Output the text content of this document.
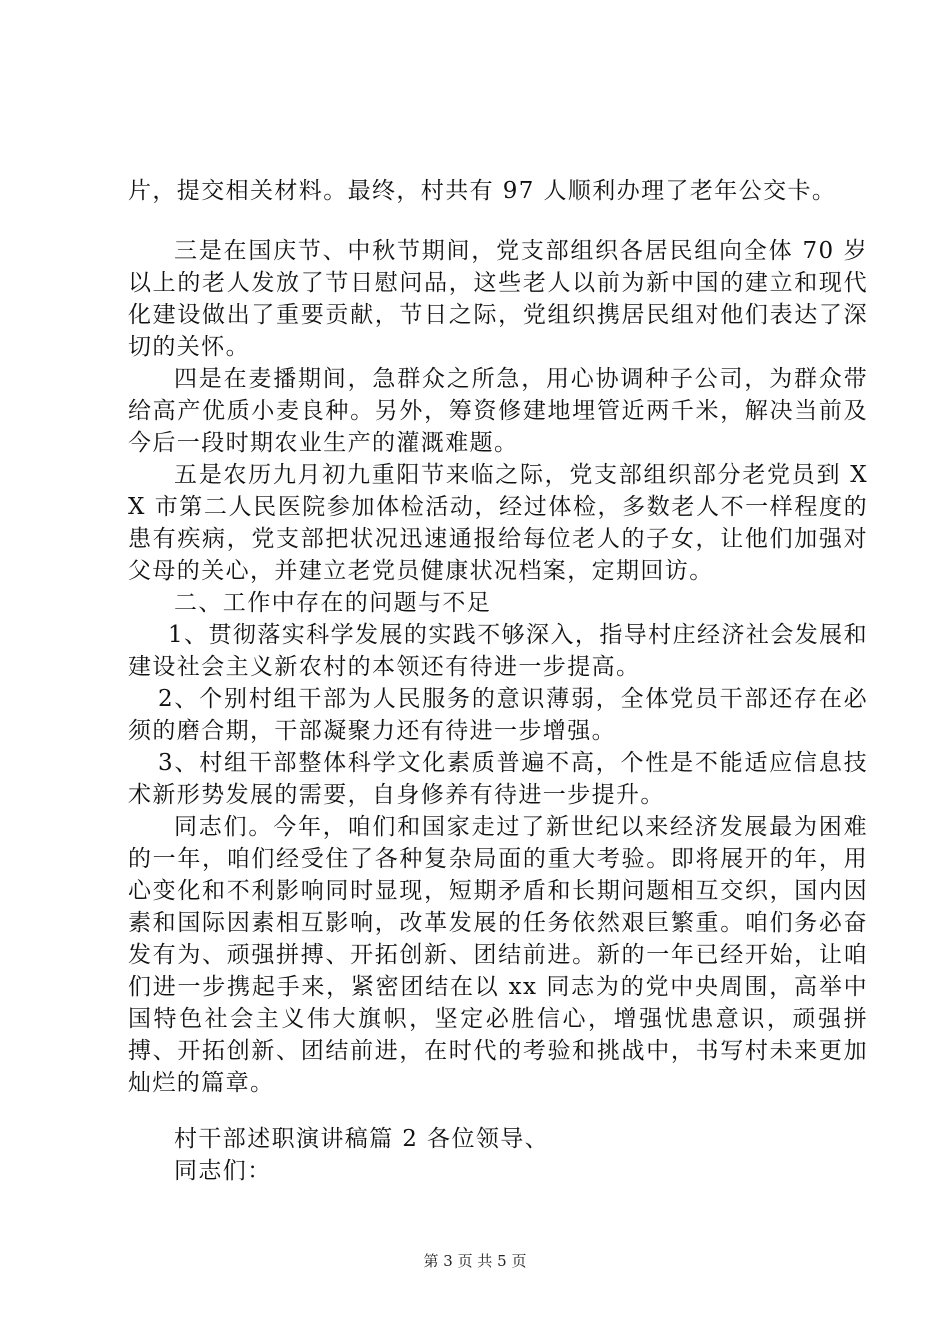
片，提交相关材料。最终，村共有 97 人顺利办理了老年公交卡。

三是在国庆节、中秋节期间，党支部组织各居民组向全体 70 岁以上的老人发放了节日慰问品，这些老人以前为新中国的建立和现代化建设做出了重要贡献，节日之际，党组织携居民组对他们表达了深切的关怀。

四是在麦播期间，急群众之所急，用心协调种子公司，为群众带给高产优质小麦良种。另外，筹资修建地埋管近两千米，解决当前及今后一段时期农业生产的灌溉难题。

五是农历九月初九重阳节来临之际，党支部组织部分老党员到 XX 市第二人民医院参加体检活动，经过体检，多数老人不一样程度的患有疾病，党支部把状况迅速通报给每位老人的子女，让他们加强对父母的关心，并建立老党员健康状况档案，定期回访。

二、工作中存在的问题与不足

1、贯彻落实科学发展的实践不够深入，指导村庄经济社会发展和建设社会主义新农村的本领还有待进一步提高。

2、个别村组干部为人民服务的意识薄弱，全体党员干部还存在必须的磨合期，干部凝聚力还有待进一步增强。

3、村组干部整体科学文化素质普遍不高，个性是不能适应信息技术新形势发展的需要，自身修养有待进一步提升。

同志们。今年，咱们和国家走过了新世纪以来经济发展最为困难的一年，咱们经受住了各种复杂局面的重大考验。即将展开的年，用心变化和不利影响同时显现，短期矛盾和长期问题相互交织，国内因素和国际因素相互影响，改革发展的任务依然艰巨繁重。咱们务必奋发有为、顽强拼搏、开拓创新、团结前进。新的一年已经开始，让咱们进一步携起手来，紧密团结在以 xx 同志为的党中央周围，高举中国特色社会主义伟大旗帜，坚定必胜信心，增强忧患意识，顽强拼搏、开拓创新、团结前进，在时代的考验和挑战中，书写村未来更加灿烂的篇章。

村干部述职演讲稿篇 2 各位领导、

同志们：

第 3 页 共 5 页
